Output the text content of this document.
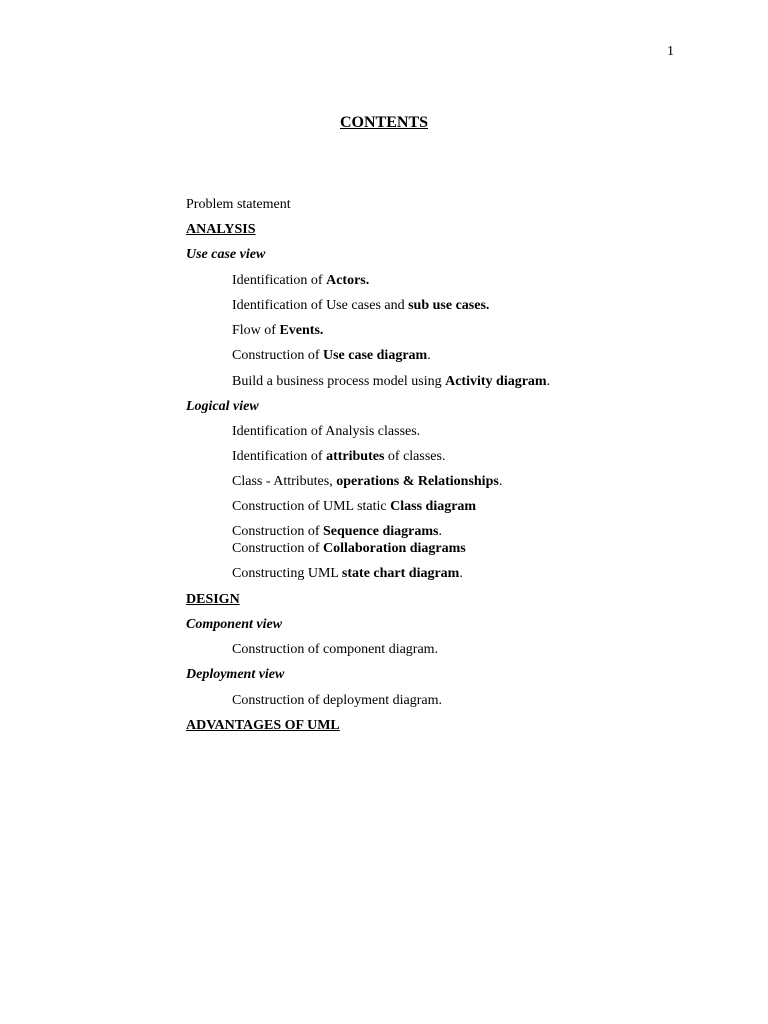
1
CONTENTS
Problem statement
ANALYSIS
Use case view
Identification of Actors.
Identification of Use cases and sub use cases.
Flow of Events.
Construction of Use case diagram.
Build a business process model using Activity diagram.
Logical view
Identification of Analysis classes.
Identification of attributes of classes.
Class - Attributes, operations & Relationships.
Construction of UML static Class diagram
Construction of Sequence diagrams.
Construction of Collaboration diagrams
Constructing UML state chart diagram.
DESIGN
Component view
Construction of component diagram.
Deployment view
Construction of deployment diagram.
ADVANTAGES OF UML
